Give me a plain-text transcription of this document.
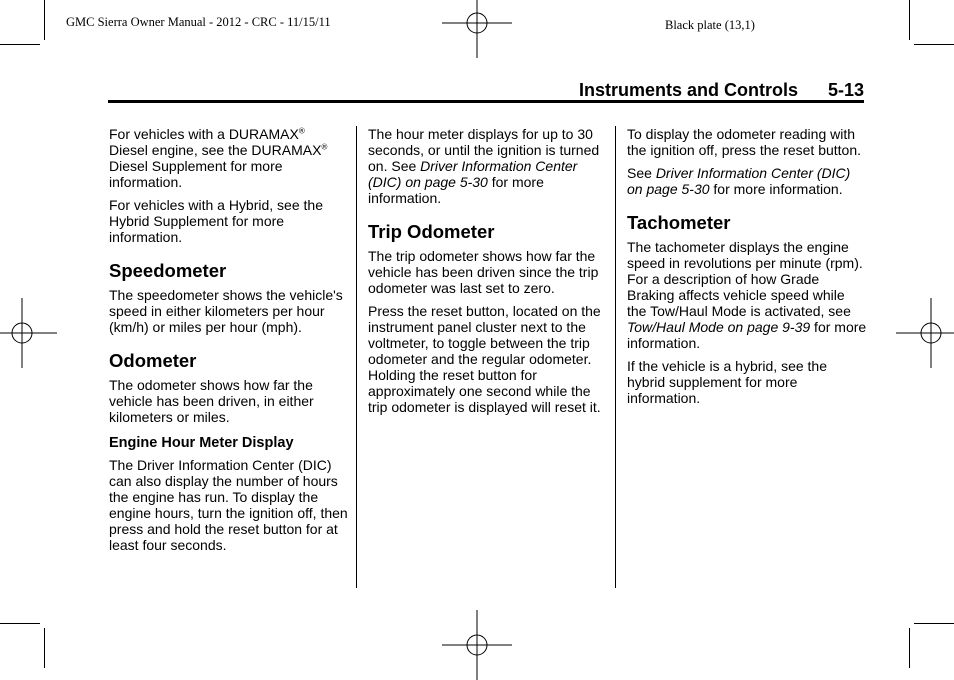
GMC Sierra Owner Manual - 2012 - CRC - 11/15/11	Black plate (13,1)
Instruments and Controls 5-13

For vehicles with a DURAMAX®
Diesel engine, see the DURAMAX®
Diesel Supplement for more information.

For vehicles with a Hybrid, see the Hybrid Supplement for more information.

Speedometer

The speedometer shows the vehicle's speed in either kilometers per hour (km/h) or miles per hour (mph).

Odometer

The odometer shows how far the vehicle has been driven, in either kilometers or miles.

Engine Hour Meter Display

The Driver Information Center (DIC) can also display the number of hours the engine has run. To display the engine hours, turn the ignition off, then press and hold the reset button for at least four seconds.

The hour meter displays for up to 30 seconds, or until the ignition is turned on. See Driver Information Center (DIC) on page 5-30 for more information.

Trip Odometer

The trip odometer shows how far the vehicle has been driven since the trip odometer was last set to zero.

Press the reset button, located on the instrument panel cluster next to the voltmeter, to toggle between the trip odometer and the regular odometer. Holding the reset button for approximately one second while the trip odometer is displayed will reset it.

To display the odometer reading with the ignition off, press the reset button.

See Driver Information Center (DIC) on page 5-30 for more information.

Tachometer

The tachometer displays the engine speed in revolutions per minute (rpm). For a description of how Grade Braking affects vehicle speed while the Tow/Haul Mode is activated, see Tow/Haul Mode on page 9-39 for more information.

If the vehicle is a hybrid, see the hybrid supplement for more information.
